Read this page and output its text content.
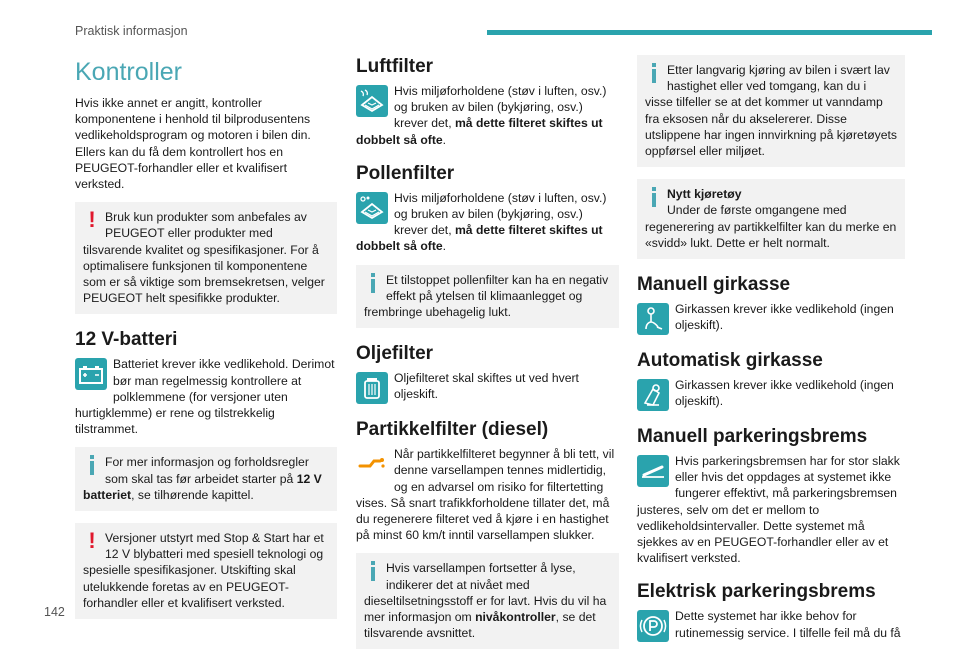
Praktisk informasjon
142
Kontroller

Hvis ikke annet er angitt, kontroller komponentene i henhold til bilprodusentens vedlikeholdsprogram og motoren i bilen din. Ellers kan du få dem kontrollert hos en PEUGEOT-forhandler eller et kvalifisert verksted.

! Bruk kun produkter som anbefales av PEUGEOT eller produkter med tilsvarende kvalitet og spesifikasjoner. For å optimalisere funksjonen til komponentene som er så viktige som bremsekretsen, velger PEUGEOT helt spesifikke produkter.
12 V-batteri
Batteriet krever ikke vedlikehold. Derimot bør man regelmessig kontrollere at polklemmene (for versjoner uten hurtigklemme) er rene og tilstrekkelig tilstrammet.
For mer informasjon og forholdsregler som skal tas før arbeidet starter på 12 V batteriet, se tilhørende kapittel.
! Versjoner utstyrt med Stop & Start har et 12 V blybatteri med spesiell teknologi og spesielle spesifikasjoner. Utskifting skal utelukkende foretas av en PEUGEOT-forhandler eller et kvalifisert verksted.
Luftfilter
Hvis miljøforholdene (støv i luften, osv.) og bruken av bilen (bykjøring, osv.) krever det, må dette filteret skiftes ut dobbelt så ofte.
Pollenfilter
Hvis miljøforholdene (støv i luften, osv.) og bruken av bilen (bykjøring, osv.) krever det, må dette filteret skiftes ut dobbelt så ofte.
Et tilstoppet pollenfilter kan ha en negativ effekt på ytelsen til klimaanlegget og frembringe ubehagelig lukt.
Oljefilter
Oljefilteret skal skiftes ut ved hvert oljeskift.
Partikkelfilter (diesel)
Når partikkelfilteret begynner å bli tett, vil denne varsellampen tennes midlertidig, og en advarsel om risiko for filtertetting vises. Så snart trafikkforholdene tillater det, må du regenerere filteret ved å kjøre i en hastighet på minst 60 km/t inntil varsellampen slukker.
Hvis varsellampen fortsetter å lyse, indikerer det at nivået med dieseltilsetningsstoff er for lavt. Hvis du vil ha mer informasjon om nivåkontroller, se det tilsvarende avsnittet.
Etter langvarig kjøring av bilen i svært lav hastighet eller ved tomgang, kan du i visse tilfeller se at det kommer ut vanndamp fra eksosen når du akselererer. Disse utslippene har ingen innvirkning på kjøretøyets oppførsel eller miljøet.
Nytt kjøretøy
Under de første omgangene med regenerering av partikkelfilter kan du merke en «svidd» lukt. Dette er helt normalt.
Manuell girkasse
Girkassen krever ikke vedlikehold (ingen oljeskift).
Automatisk girkasse
Girkassen krever ikke vedlikehold (ingen oljeskift).
Manuell parkeringsbrems
Hvis parkeringsbremsen har for stor slakk eller hvis det oppdages at systemet ikke fungerer effektivt, må parkeringsbremsen justeres, selv om det er mellom to vedlikeholdsintervaller. Dette systemet må sjekkes av en PEUGEOT-forhandler eller av et kvalifisert verksted.
Elektrisk parkeringsbrems
Dette systemet har ikke behov for rutinemessig service. I tilfelle feil må du få
